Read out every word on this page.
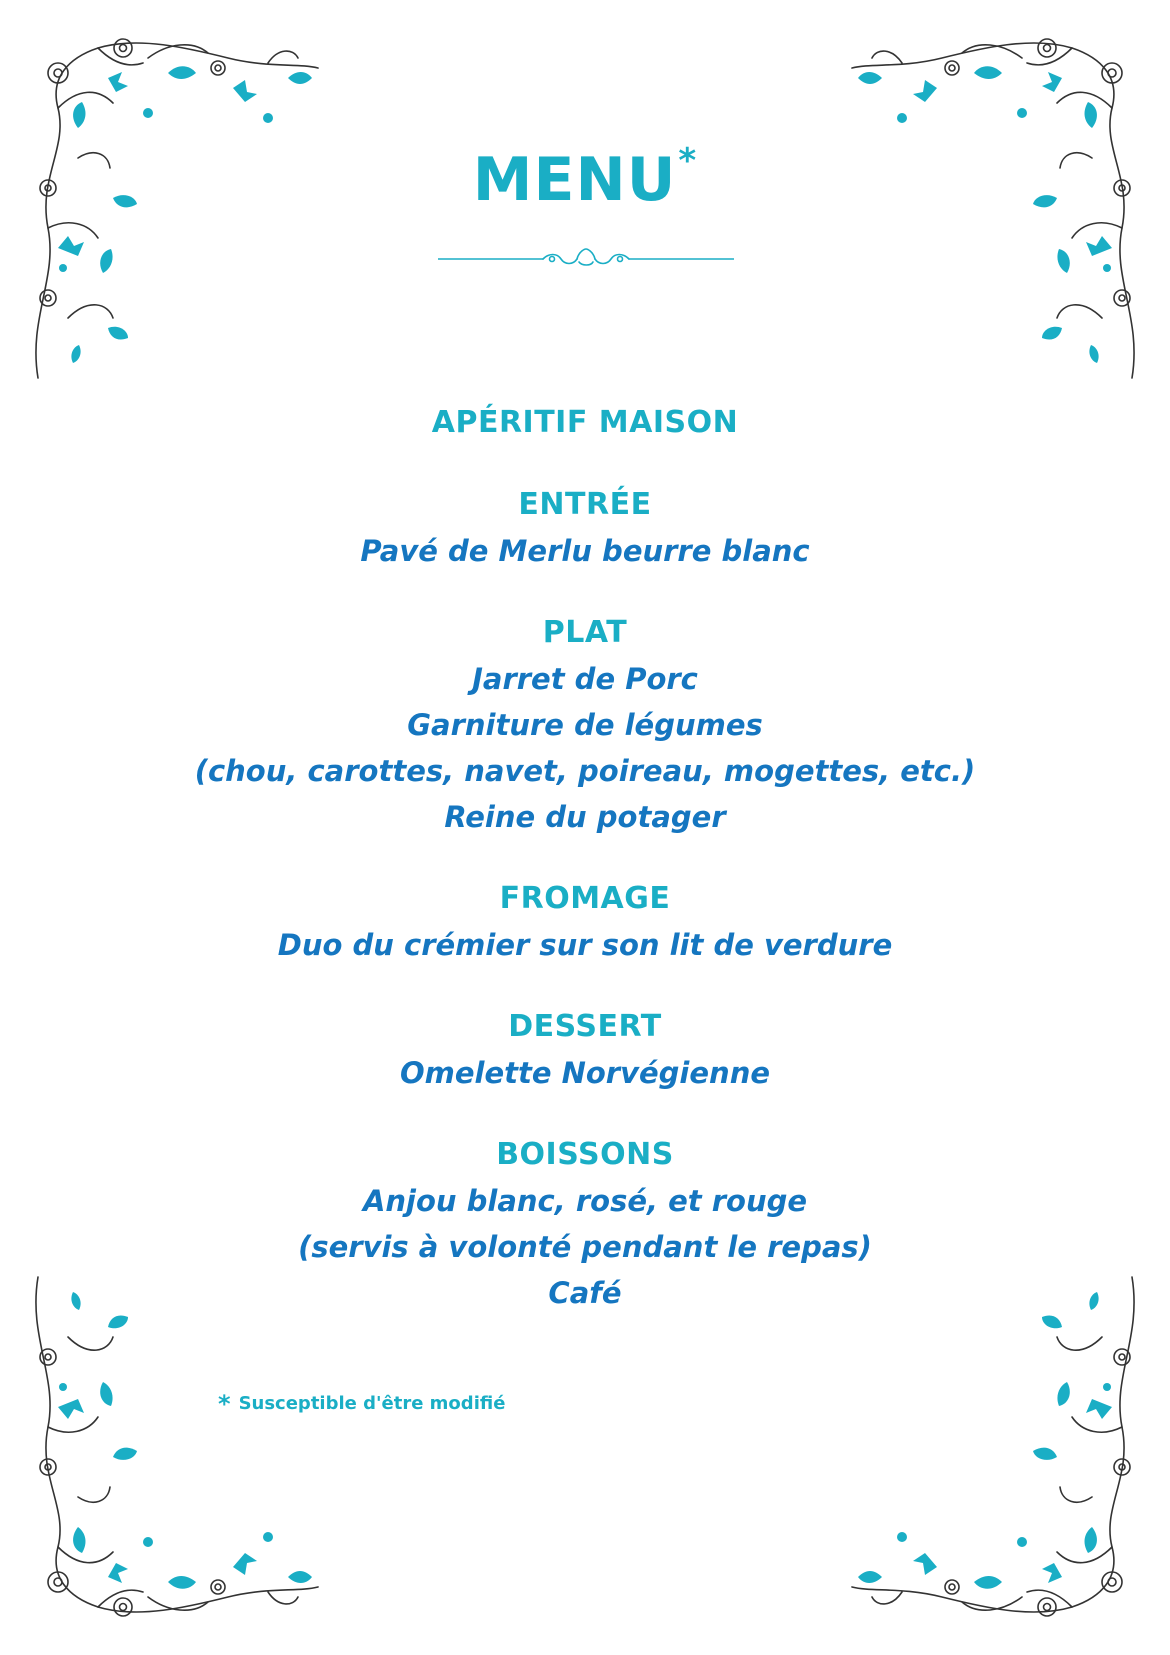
MENU*
APÉRITIF MAISON
ENTRÉE
Pavé de Merlu beurre blanc
PLAT
Jarret de Porc
Garniture de légumes
(chou, carottes, navet, poireau, mogettes, etc.)
Reine du potager
FROMAGE
Duo du crémier sur son lit de verdure
DESSERT
Omelette Norvégienne
BOISSONS
Anjou blanc, rosé, et rouge
(servis à volonté pendant le repas)
Café
* Susceptible d'être modifié
